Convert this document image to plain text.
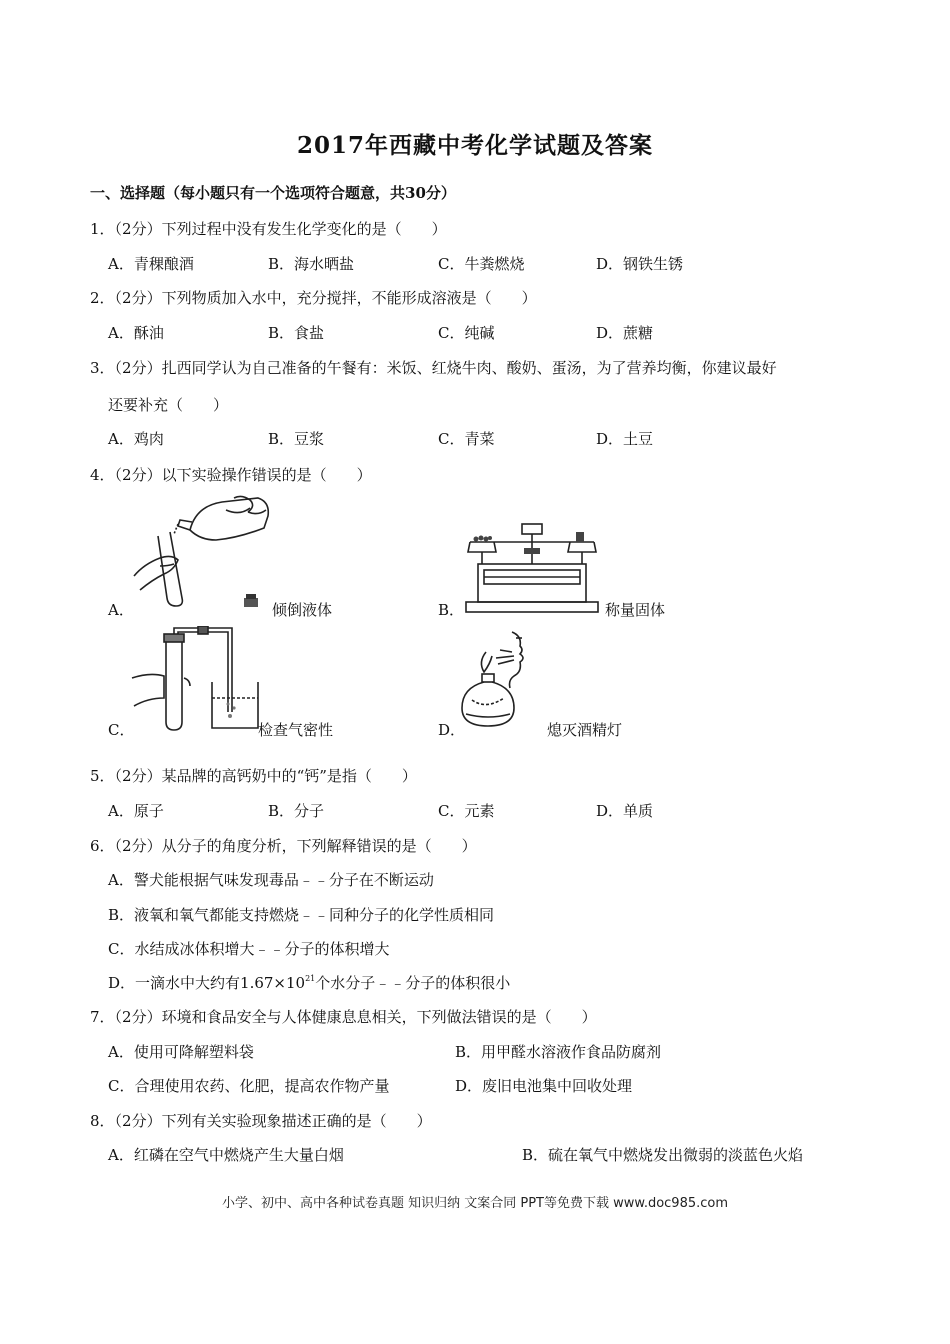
2017年西藏中考化学试题及答案
一、选择题（每小题只有一个选项符合题意，共30分）
1．（2分）下列过程中没有发生化学变化的是（　　）
A．青稞酿酒	B．海水晒盐	C．牛粪燃烧	D．钢铁生锈
2．（2分）下列物质加入水中，充分搅拌，不能形成溶液是（　　）
A．酥油	B．食盐	C．纯碱	D．蔗糖
3．（2分）扎西同学认为自己准备的午餐有：米饭、红烧牛肉、酸奶、蛋汤，为了营养均衡，你建议最好
还要补充（　　）
A．鸡肉	B．豆浆	C．青菜	D．土豆
4．（2分）以下实验操作错误的是（　　）
A．	倾倒液体	B．	称量固体
C．	检查气密性	D．	熄灭酒精灯
5．（2分）某品牌的高钙奶中的“钙”是指（　　）
A．原子	B．分子	C．元素	D．单质
6．（2分）从分子的角度分析，下列解释错误的是（　　）
A．警犬能根据气味发现毒品﹣﹣分子在不断运动
B．液氧和氧气都能支持燃烧﹣﹣同种分子的化学性质相同
C．水结成冰体积增大﹣﹣分子的体积增大
D．一滴水中大约有$1.67\times 10^{21}$个水分子﹣﹣分子的体积很小
7．（2分）环境和食品安全与人体健康息息相关，下列做法错误的是（　　）
A．使用可降解塑料袋	B．用甲醛水溶液作食品防腐剂
C．合理使用农药、化肥，提高农作物产量	D．废旧电池集中回收处理
8．（2分）下列有关实验现象描述正确的是（　　）
A．红磷在空气中燃烧产生大量白烟	B．硫在氧气中燃烧发出微弱的淡蓝色火焰
小学、初中、高中各种试卷真题 知识归纳 文案合同 PPT等免费下载 www.doc985.com
